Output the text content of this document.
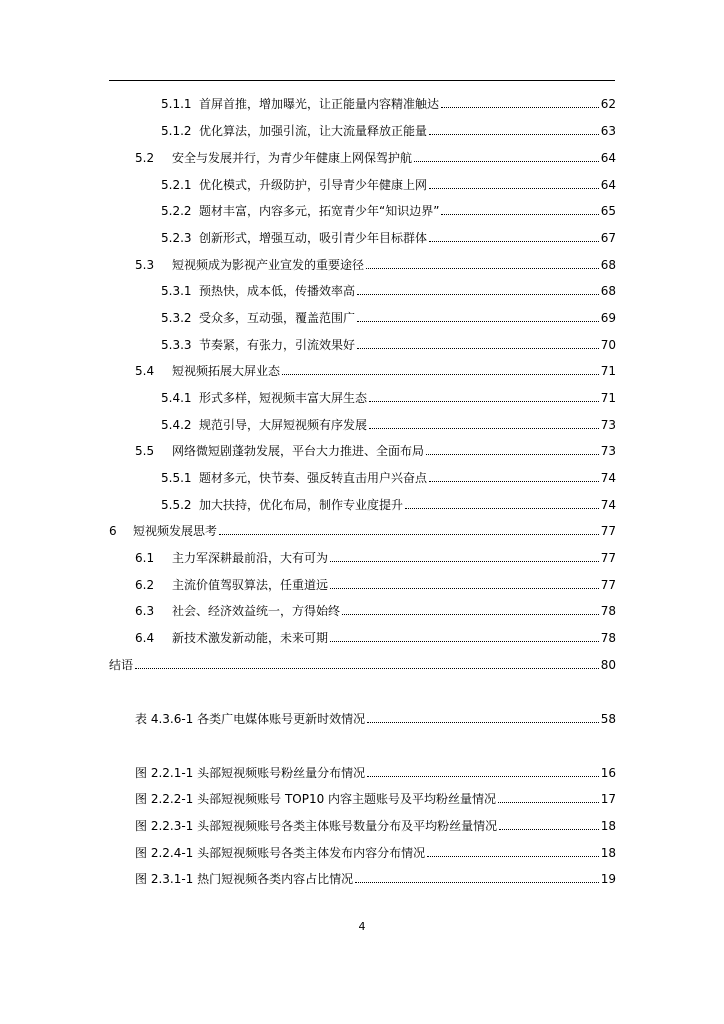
5.1.1 首屏首推，增加曝光，让正能量内容精准触达	62
5.1.2 优化算法，加强引流，让大流量释放正能量	63
5.2	安全与发展并行，为青少年健康上网保驾护航	64
5.2.1 优化模式，升级防护，引导青少年健康上网	64
5.2.2 题材丰富，内容多元，拓宽青少年“知识边界”	65
5.2.3 创新形式，增强互动，吸引青少年目标群体	67
5.3	短视频成为影视产业宣发的重要途径	68
5.3.1 预热快，成本低，传播效率高	68
5.3.2 受众多，互动强，覆盖范围广	69
5.3.3 节奏紧，有张力，引流效果好	70
5.4	短视频拓展大屏业态	71
5.4.1 形式多样，短视频丰富大屏生态	71
5.4.2 规范引导，大屏短视频有序发展	73
5.5	网络微短剧蓬勃发展，平台大力推进、全面布局	73
5.5.1 题材多元，快节奏、强反转直击用户兴奋点	74
5.5.2 加大扶持，优化布局，制作专业度提升	74
6	短视频发展思考	77
6.1	主力军深耕最前沿，大有可为	77
6.2	主流价值驾驭算法，任重道远	77
6.3	社会、经济效益统一，方得始终	78
6.4	新技术激发新动能，未来可期	78
结语	80
表 4.3.6-1 各类广电媒体账号更新时效情况	58
图 2.2.1-1 头部短视频账号粉丝量分布情况	16
图 2.2.2-1 头部短视频账号 TOP10 内容主题账号及平均粉丝量情况	17
图 2.2.3-1 头部短视频账号各类主体账号数量分布及平均粉丝量情况	18
图 2.2.4-1 头部短视频账号各类主体发布内容分布情况	18
图 2.3.1-1 热门短视频各类内容占比情况	19
4
